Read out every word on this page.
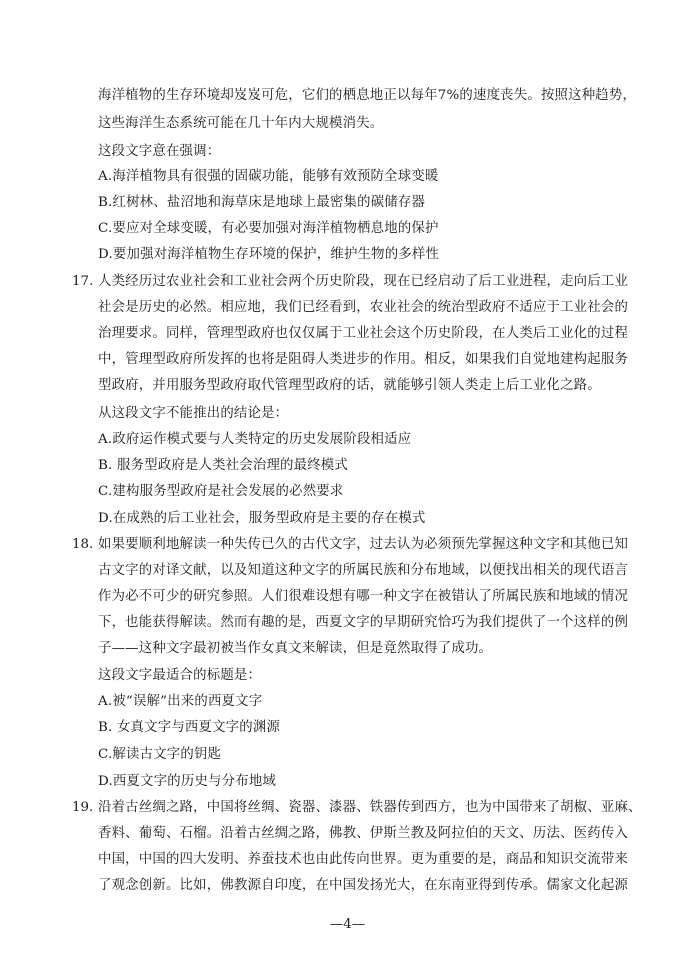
海洋植物的生存环境却岌岌可危，它们的栖息地正以每年7%的速度丧失。按照这种趋势，
这些海洋生态系统可能在几十年内大规模消失。
这段文字意在强调：
A.海洋植物具有很强的固碳功能，能够有效预防全球变暖
B.红树林、盐沼地和海草床是地球上最密集的碳储存器
C.要应对全球变暖，有必要加强对海洋植物栖息地的保护
D.要加强对海洋植物生存环境的保护，维护生物的多样性
17. 人类经历过农业社会和工业社会两个历史阶段，现在已经启动了后工业进程，走向后工业
社会是历史的必然。相应地，我们已经看到，农业社会的统治型政府不适应于工业社会的
治理要求。同样，管理型政府也仅仅属于工业社会这个历史阶段，在人类后工业化的过程
中，管理型政府所发挥的也将是阻碍人类进步的作用。相反，如果我们自觉地建构起服务
型政府，并用服务型政府取代管理型政府的话，就能够引领人类走上后工业化之路。
从这段文字不能推出的结论是：
A.政府运作模式要与人类特定的历史发展阶段相适应
B. 服务型政府是人类社会治理的最终模式
C.建构服务型政府是社会发展的必然要求
D.在成熟的后工业社会，服务型政府是主要的存在模式
18. 如果要顺利地解读一种失传已久的古代文字，过去认为必须预先掌握这种文字和其他已知
古文字的对译文献，以及知道这种文字的所属民族和分布地域，以便找出相关的现代语言
作为必不可少的研究参照。人们很难设想有哪一种文字在被错认了所属民族和地域的情况
下，也能获得解读。然而有趣的是，西夏文字的早期研究恰巧为我们提供了一个这样的例
子——这种文字最初被当作女真文来解读，但是竟然取得了成功。
这段文字最适合的标题是：
A.被“误解”出来的西夏文字
B. 女真文字与西夏文字的渊源
C.解读古文字的钥匙
D.西夏文字的历史与分布地域
19. 沿着古丝绸之路，中国将丝绸、瓷器、漆器、铁器传到西方，也为中国带来了胡椒、亚麻、
香料、葡萄、石榴。沿着古丝绸之路，佛教、伊斯兰教及阿拉伯的天文、历法、医药传入
中国，中国的四大发明、养蚕技术也由此传向世界。更为重要的是，商品和知识交流带来
了观念创新。比如，佛教源自印度，在中国发扬光大，在东南亚得到传承。儒家文化起源
—4—
